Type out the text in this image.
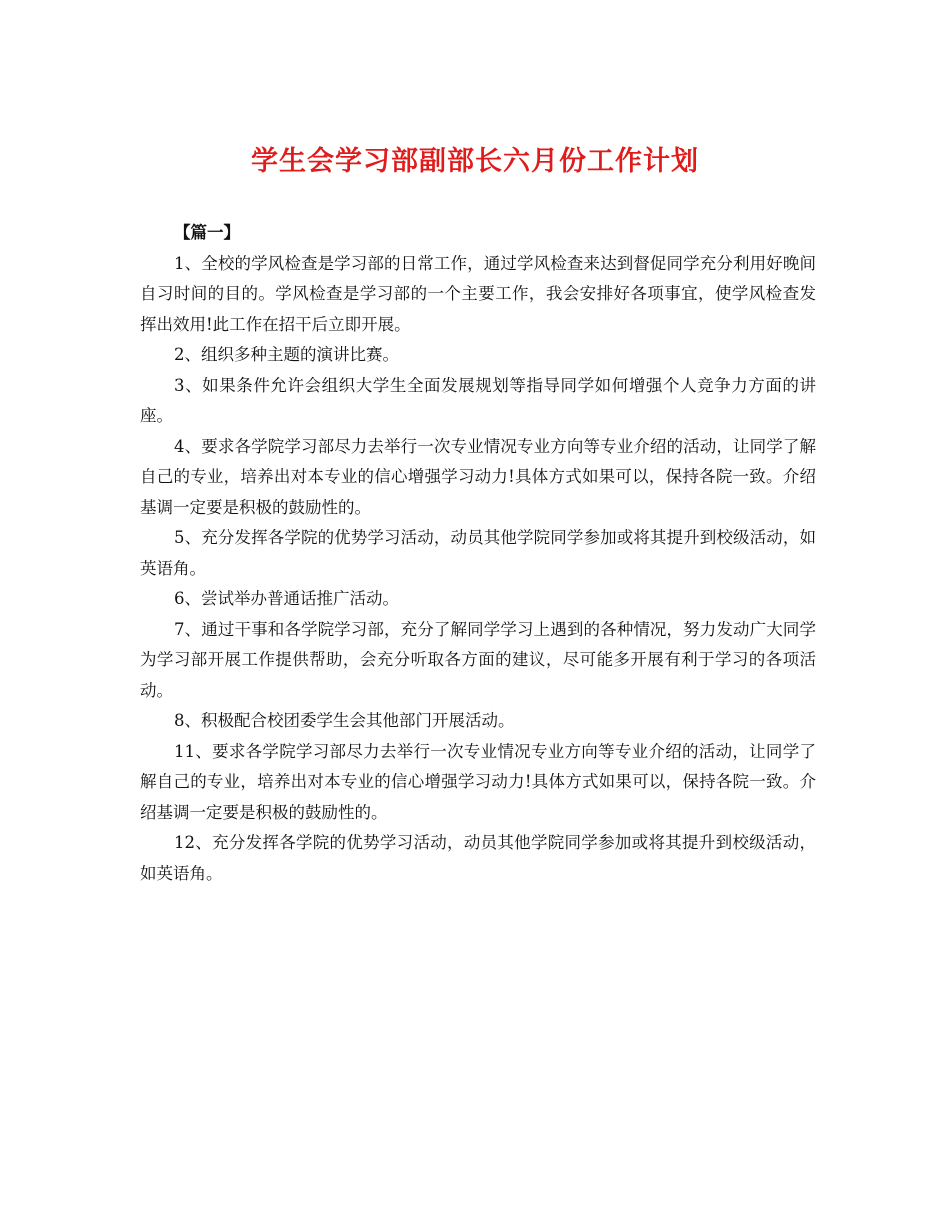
学生会学习部副部长六月份工作计划

【篇一】

1、全校的学风检查是学习部的日常工作，通过学风检查来达到督促同学充分利用好晚间自习时间的目的。学风检查是学习部的一个主要工作，我会安排好各项事宜，使学风检查发挥出效用!此工作在招干后立即开展。

2、组织多种主题的演讲比赛。

3、如果条件允许会组织大学生全面发展规划等指导同学如何增强个人竞争力方面的讲座。

4、要求各学院学习部尽力去举行一次专业情况专业方向等专业介绍的活动，让同学了解自己的专业，培养出对本专业的信心增强学习动力!具体方式如果可以，保持各院一致。介绍基调一定要是积极的鼓励性的。

5、充分发挥各学院的优势学习活动，动员其他学院同学参加或将其提升到校级活动，如英语角。

6、尝试举办普通话推广活动。

7、通过干事和各学院学习部，充分了解同学学习上遇到的各种情况，努力发动广大同学为学习部开展工作提供帮助，会充分听取各方面的建议，尽可能多开展有利于学习的各项活动。

8、积极配合校团委学生会其他部门开展活动。

11、要求各学院学习部尽力去举行一次专业情况专业方向等专业介绍的活动，让同学了解自己的专业，培养出对本专业的信心增强学习动力!具体方式如果可以，保持各院一致。介绍基调一定要是积极的鼓励性的。

12、充分发挥各学院的优势学习活动，动员其他学院同学参加或将其提升到校级活动，如英语角。
